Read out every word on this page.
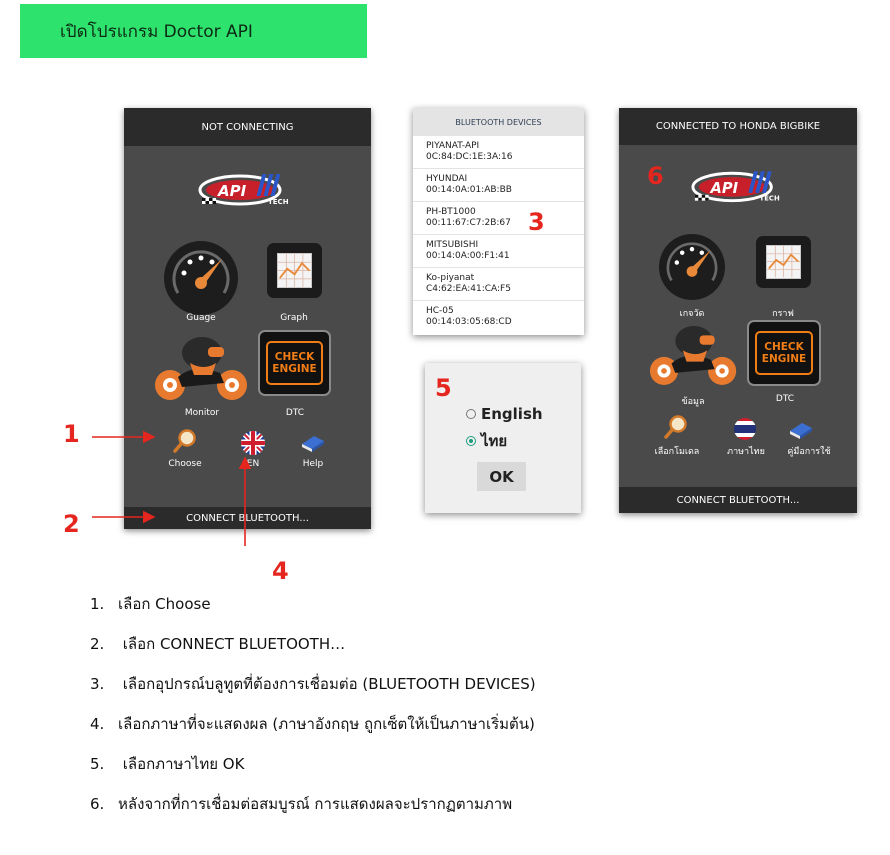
เปิดโปรแกรม Doctor API
NOT CONNECTING
API
TECH
Guage	Graph
Monitor
CHECK
ENGINE
DTC
Choose	EN	Help
CONNECT BLUETOOTH...
BLUETOOTH DEVICES
PIYANAT-API
0C:84:DC:1E:3A:16
HYUNDAI
00:14:0A:01:AB:BB
PH-BT1000
00:11:67:C7:2B:67
MITSUBISHI
00:14:0A:00:F1:41
Ko-piyanat
C4:62:EA:41:CA:F5
HC-05
00:14:03:05:68:CD
English
ไทย
OK
CONNECTED TO HONDA BIGBIKE
API
TECH
เกจวัด	กราฟ
ข้อมูล
CHECK
ENGINE
DTC
เลือกโมเดล	ภาษาไทย	คู่มือการใช้
CONNECT BLUETOOTH...
1
2
3
4
5
6
1. เลือก Choose
2. เลือก CONNECT BLUETOOTH…
3. เลือกอุปกรณ์บลูทูตที่ต้องการเชื่อมต่อ (BLUETOOTH DEVICES)
4. เลือกภาษาที่จะแสดงผล (ภาษาอังกฤษ ถูกเซ็ตให้เป็นภาษาเริ่มต้น)
5. เลือกภาษาไทย OK
6. หลังจากที่การเชื่อมต่อสมบูรณ์ การแสดงผลจะปรากฏตามภาพ
